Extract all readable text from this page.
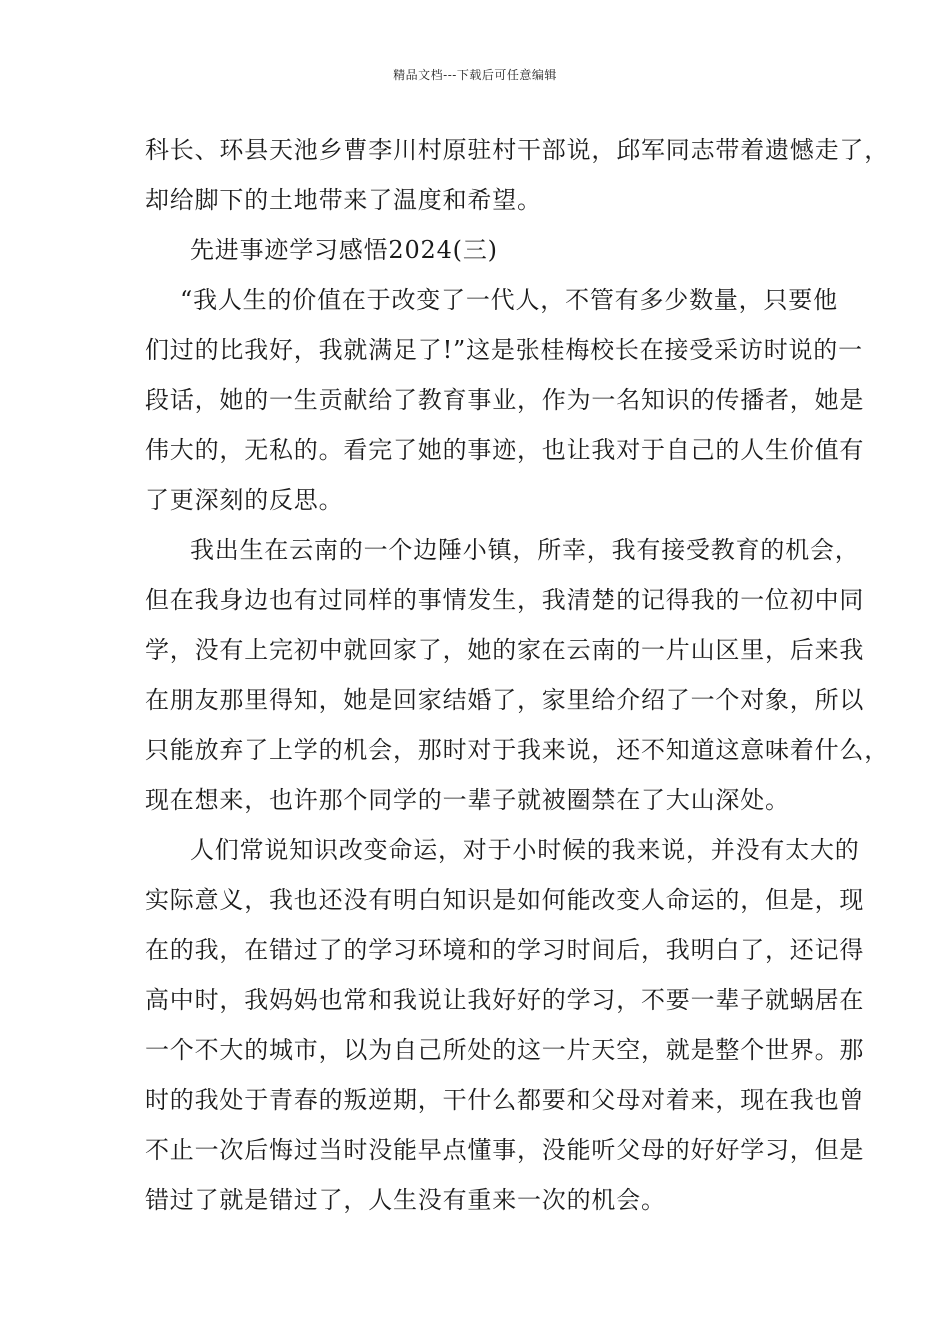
精品文档---下载后可任意编辑
科长、环县天池乡曹李川村原驻村干部说，邱军同志带着遗憾走了，
却给脚下的土地带来了温度和希望。
先进事迹学习感悟2024(三)
“我人生的价值在于改变了一代人，不管有多少数量，只要他
们过的比我好，我就满足了!”这是张桂梅校长在接受采访时说的一
段话，她的一生贡献给了教育事业，作为一名知识的传播者，她是
伟大的，无私的。看完了她的事迹，也让我对于自己的人生价值有
了更深刻的反思。
我出生在云南的一个边陲小镇，所幸，我有接受教育的机会，
但在我身边也有过同样的事情发生，我清楚的记得我的一位初中同
学，没有上完初中就回家了，她的家在云南的一片山区里，后来我
在朋友那里得知，她是回家结婚了，家里给介绍了一个对象，所以
只能放弃了上学的机会，那时对于我来说，还不知道这意味着什么，
现在想来，也许那个同学的一辈子就被圈禁在了大山深处。
人们常说知识改变命运，对于小时候的我来说，并没有太大的
实际意义，我也还没有明白知识是如何能改变人命运的，但是，现
在的我，在错过了的学习环境和的学习时间后，我明白了，还记得
高中时，我妈妈也常和我说让我好好的学习，不要一辈子就蜗居在
一个不大的城市，以为自己所处的这一片天空，就是整个世界。那
时的我处于青春的叛逆期，干什么都要和父母对着来，现在我也曾
不止一次后悔过当时没能早点懂事，没能听父母的好好学习，但是
错过了就是错过了，人生没有重来一次的机会。
